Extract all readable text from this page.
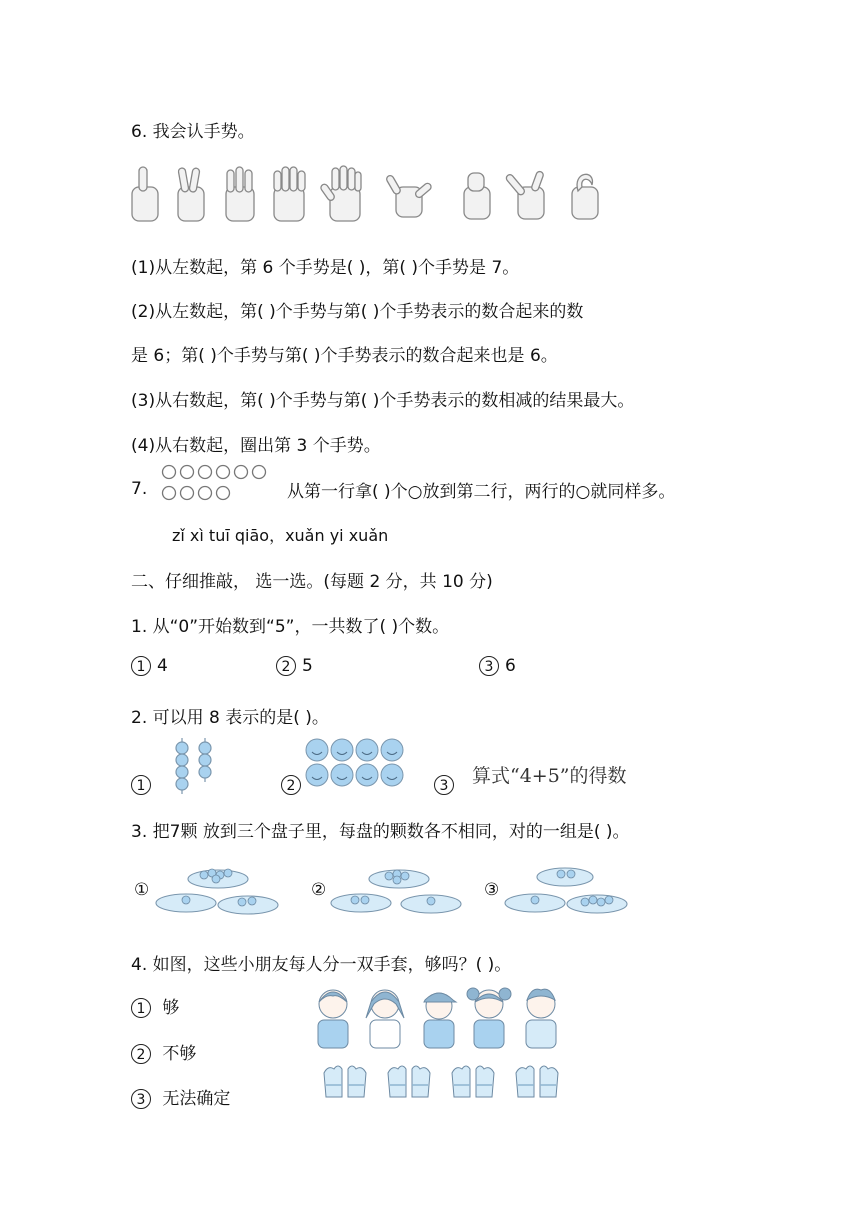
6. 我会认手势。
(1)从左数起，第 6 个手势是( )，第( )个手势是 7。
(2)从左数起，第( )个手势与第( )个手势表示的数合起来的数
是 6；第( )个手势与第( )个手势表示的数合起来也是 6。
(3)从右数起，第( )个手势与第( )个手势表示的数相减的结果最大。
(4)从右数起，圈出第 3 个手势。
7.	从第一行拿( )个○放到第二行，两行的○就同样多。
zǐ xì tuī qiāo，xuǎn yi xuǎn
二、仔细推敲， 选一选。(每题 2 分，共 10 分)
1. 从“0”开始数到“5”，一共数了( )个数。
1 4	2 5	3 6
2. 可以用 8 表示的是( )。
1	2	3	算式“4+5”的得数
3. 把7颗 放到三个盘子里，每盘的颗数各不相同，对的一组是( )。
①	②	③
4. 如图，这些小朋友每人分一双手套，够吗？( )。
1 够
2 不够
3 无法确定
